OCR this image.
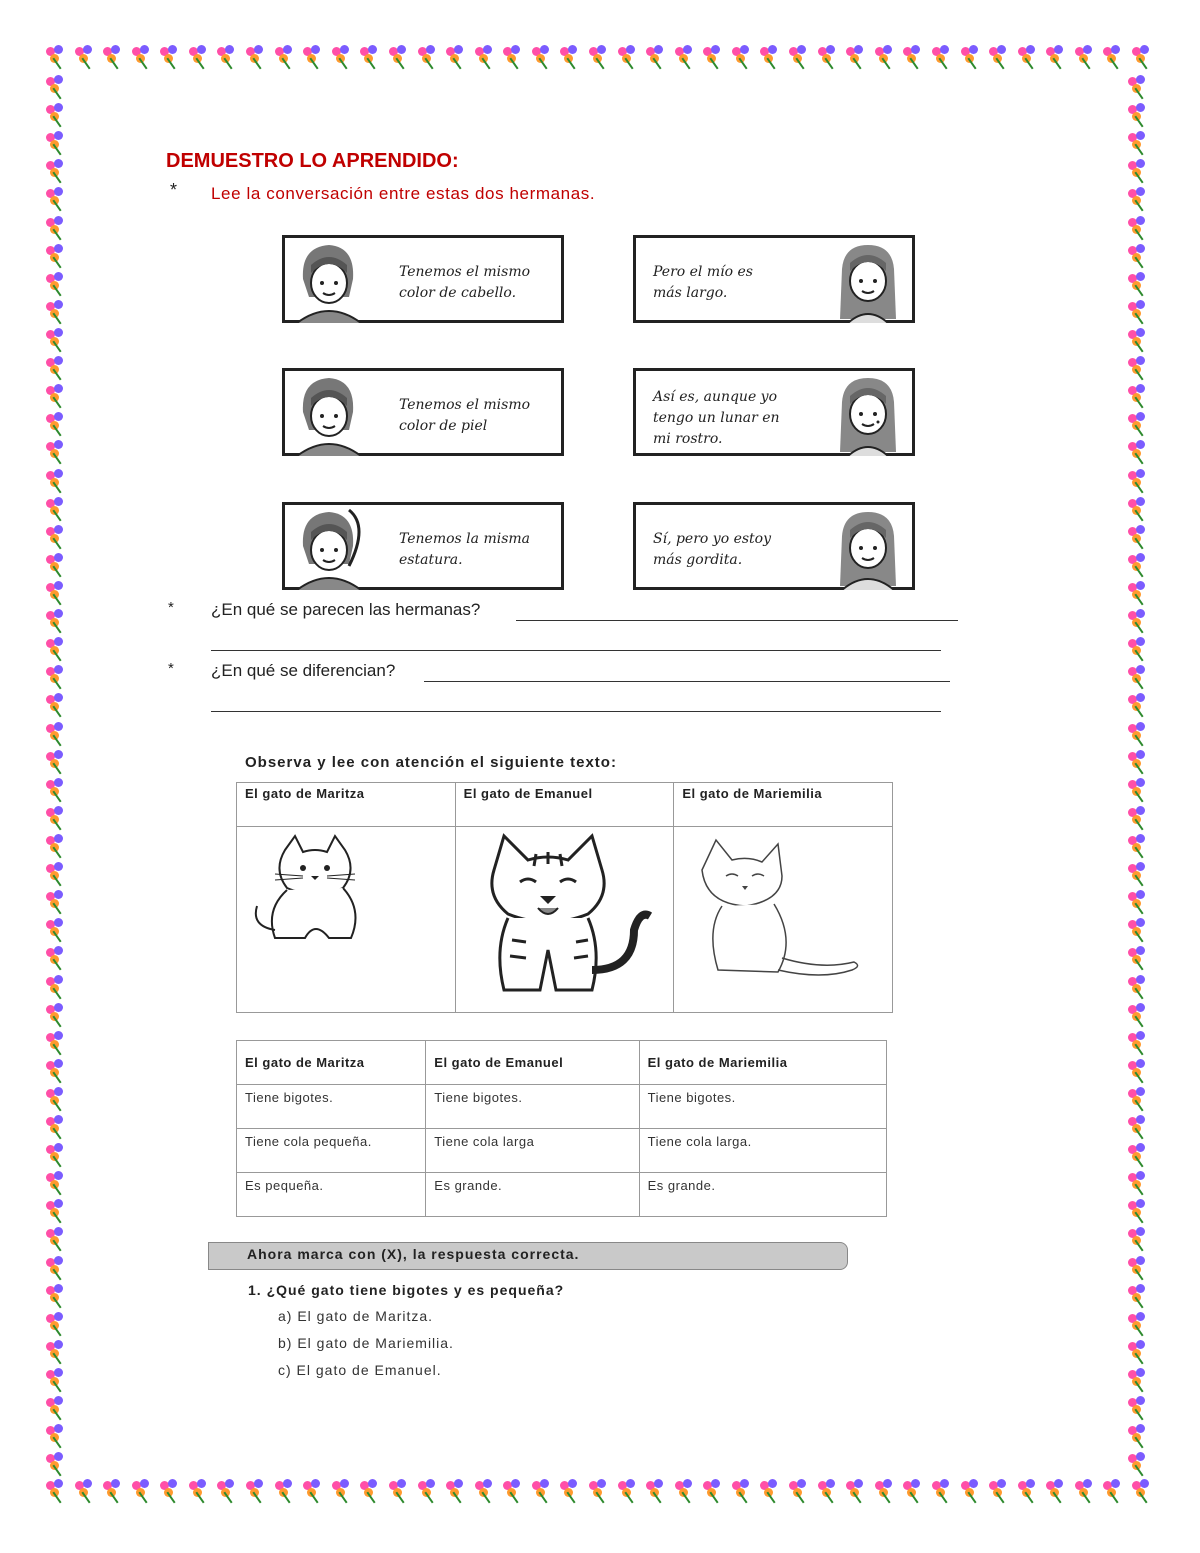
DEMUESTRO LO APRENDIDO:
* Lee la conversación entre estas dos hermanas.
Tenemos el mismo
color de cabello.
Pero el mío es
más largo.
Tenemos el mismo
color de piel
Así es, aunque yo
tengo un lunar en
mi rostro.
Tenemos la misma
estatura.
Sí, pero yo estoy
más gordita.
* ¿En qué se parecen las hermanas?
* ¿En qué se diferencian?
Observa y lee con atención el siguiente texto:
El gato de Maritza	El gato de Emanuel	El gato de Mariemilia

El gato de Maritza	El gato de Emanuel	El gato de Mariemilia
Tiene bigotes.	Tiene bigotes.	Tiene bigotes.
Tiene cola pequeña.	Tiene cola larga	Tiene cola larga.
Es pequeña.	Es grande.	Es grande.
Ahora marca con (X), la respuesta correcta.
1. ¿Qué gato tiene bigotes y es pequeña?
a) El gato de Maritza.
b) El gato de Mariemilia.
c) El gato de Emanuel.
